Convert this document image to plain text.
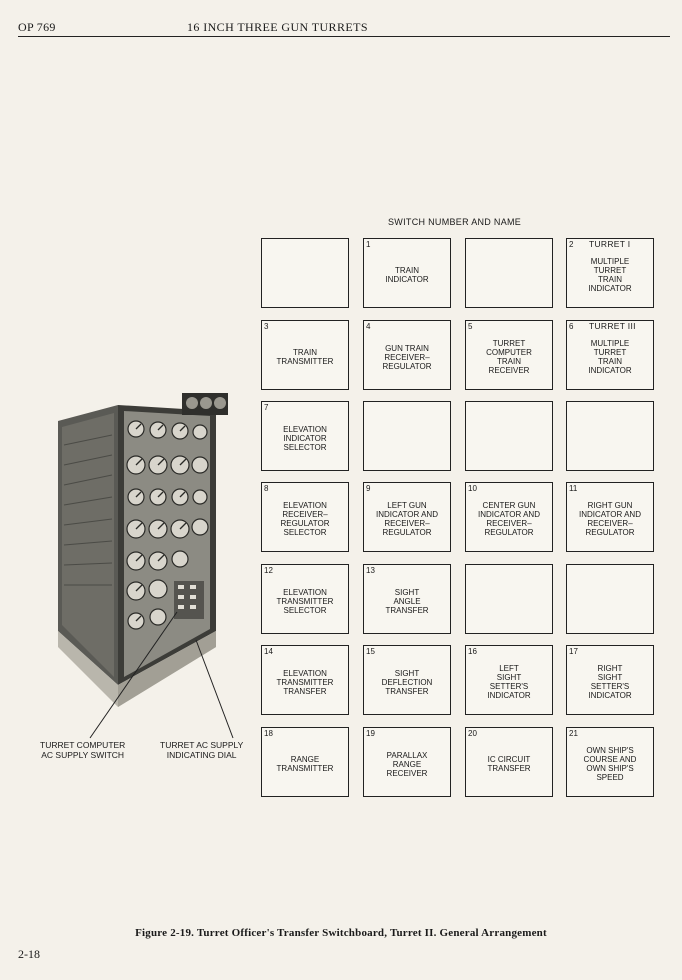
OP 769	16 INCH THREE GUN TURRETS
TURRET COMPUTER
AC SUPPLY SWITCH
TURRET AC SUPPLY
INDICATING DIAL
SWITCH NUMBER AND NAME
1
TRAIN
INDICATOR
2 TURRET I
MULTIPLE
TURRET
TRAIN
INDICATOR
3
TRAIN
TRANSMITTER
4
GUN TRAIN
RECEIVER–
REGULATOR
5
TURRET
COMPUTER
TRAIN
RECEIVER
6 TURRET III
MULTIPLE
TURRET
TRAIN
INDICATOR
7
ELEVATION
INDICATOR
SELECTOR
8
ELEVATION
RECEIVER–
REGULATOR
SELECTOR
9
LEFT GUN
INDICATOR AND
RECEIVER–
REGULATOR
10
CENTER GUN
INDICATOR AND
RECEIVER–
REGULATOR
11
RIGHT GUN
INDICATOR AND
RECEIVER–
REGULATOR
12
ELEVATION
TRANSMITTER
SELECTOR
13
SIGHT
ANGLE
TRANSFER
14
ELEVATION
TRANSMITTER
TRANSFER
15
SIGHT
DEFLECTION
TRANSFER
16
LEFT
SIGHT
SETTER'S
INDICATOR
17
RIGHT
SIGHT
SETTER'S
INDICATOR
18
RANGE
TRANSMITTER
19
PARALLAX
RANGE
RECEIVER
20
IC CIRCUIT
TRANSFER
21
OWN SHIP'S
COURSE AND
OWN SHIP'S
SPEED
Figure 2-19. Turret Officer's Transfer Switchboard, Turret II. General Arrangement
2-18
